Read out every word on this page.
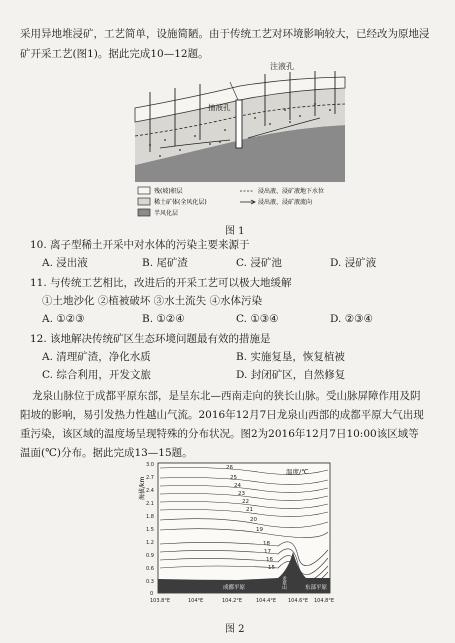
采用异地堆浸矿，工艺简单，设施简陋。由于传统工艺对环境影响较大，已经改为原地浸

矿开采工艺(图1)。据此完成10—12题。

注液孔
抽液孔
残(坡)积层
稀土矿体(全风化层)
半风化层
浸出液、浸矿液地下水位
浸出液、浸矿液流向
图 1

10. 离子型稀土开采中对水体的污染主要来源于

A. 浸出液	B. 尾矿渣	C. 浸矿池	D. 浸矿液

11. 与传统工艺相比，改进后的开采工艺可以极大地缓解

①土地沙化 ②植被破坏 ③水土流失 ④水体污染

A. ①②③	B. ①②④	C. ①③④	D. ②③④

12. 该地解决传统矿区生态环境问题最有效的措施是

A. 清理矿渣，净化水质	B. 实施复垦，恢复植被

C. 综合利用，开发文旅	D. 封闭矿区，自然修复

龙泉山脉位于成都平原东部，是呈东北—西南走向的狭长山脉。受山脉屏障作用及阴

阳坡的影响，易引发热力性越山气流。2016年12月7日龙泉山西部的成都平原大气出现

重污染，该区域的温度场呈现特殊的分布状况。图2为2016年12月7日10:00该区域等

温面(℃)分布。据此完成13—15题。

海拔/km
3.0
2.7
2.4
2.1
1.8
1.5
1.2
0.9
0.6
0.3
0
温度/℃
26
25
24
23
22
21
20
19
18
17
16
15
成都平原	龙泉山	东部平原
103.8°E	104°E	104.2°E	104.4°E 104.6°E 104.8°E
图 2
